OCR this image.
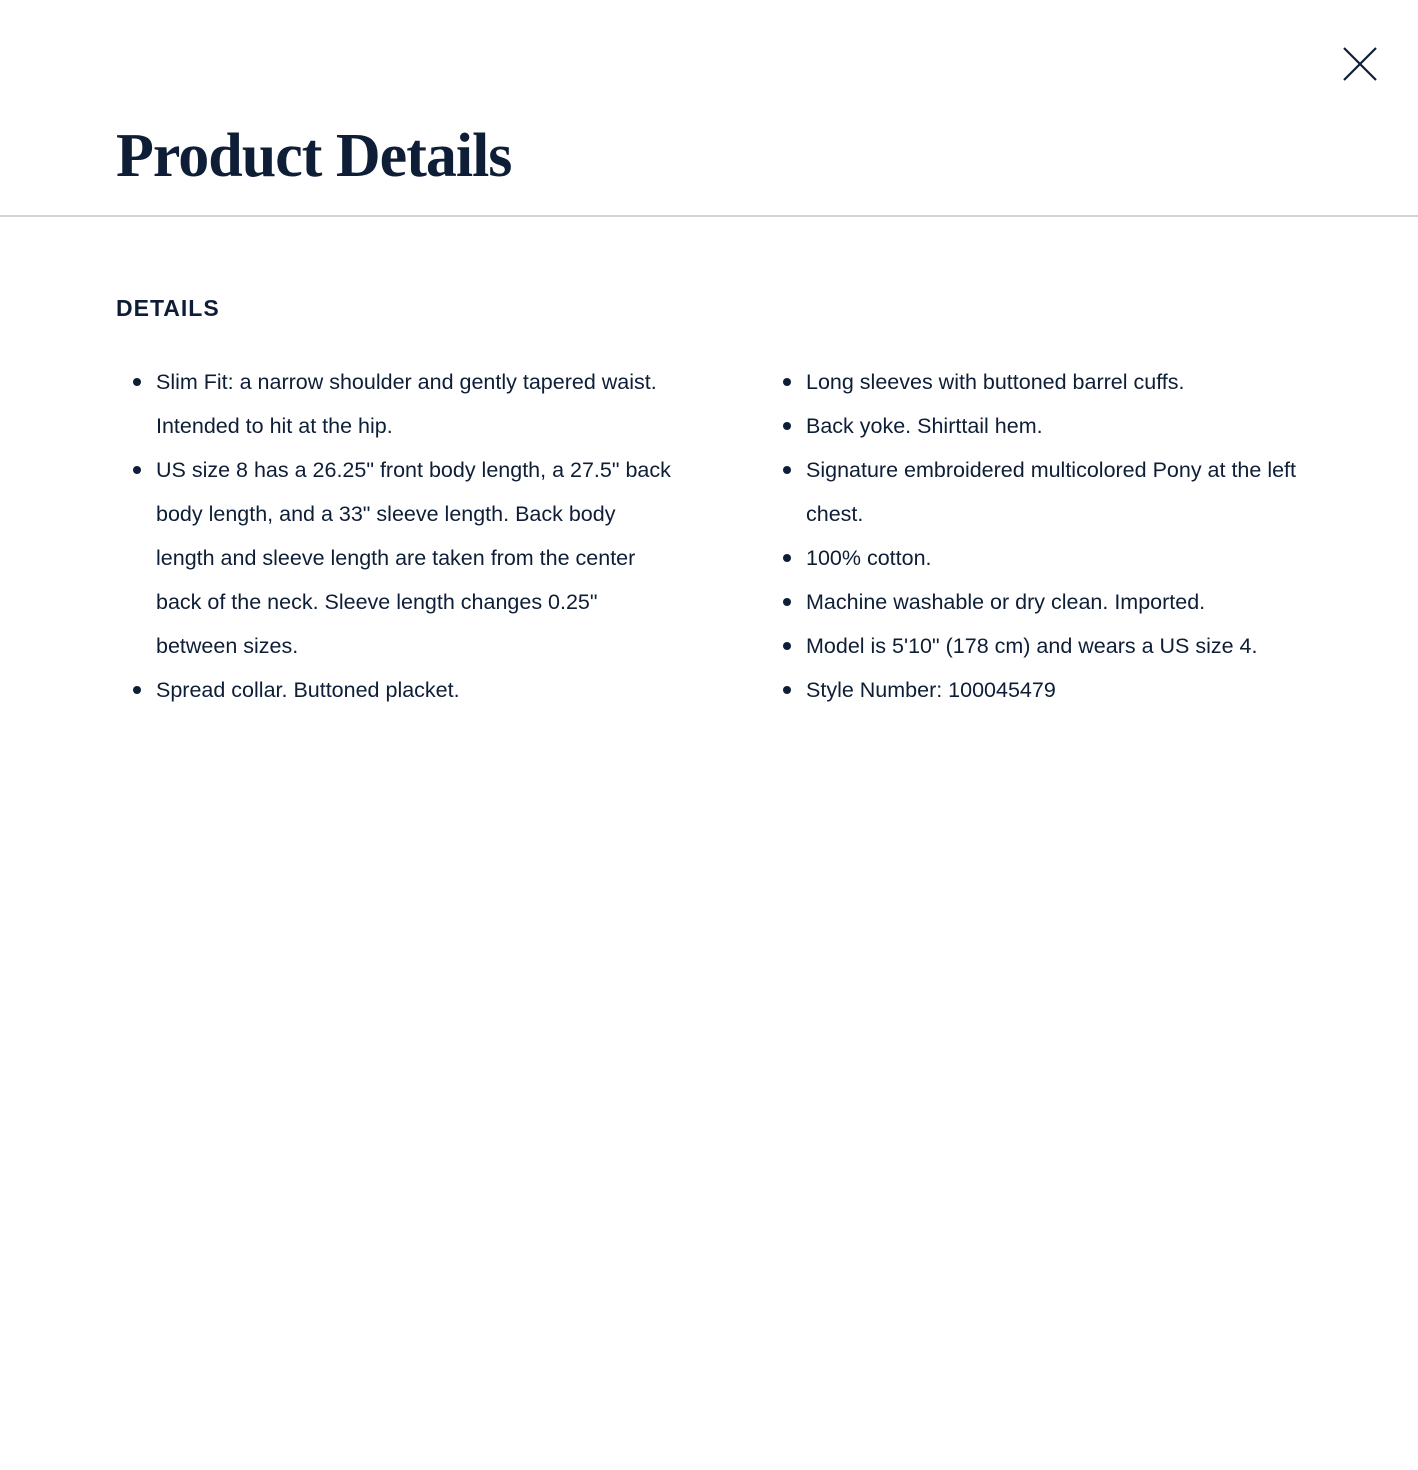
Product Details
DETAILS
Slim Fit: a narrow shoulder and gently tapered waist. Intended to hit at the hip.
US size 8 has a 26.25" front body length, a 27.5" back body length, and a 33" sleeve length. Back body length and sleeve length are taken from the center back of the neck. Sleeve length changes 0.25" between sizes.
Spread collar. Buttoned placket.
Long sleeves with buttoned barrel cuffs.
Back yoke. Shirttail hem.
Signature embroidered multicolored Pony at the left chest.
100% cotton.
Machine washable or dry clean. Imported.
Model is 5'10" (178 cm) and wears a US size 4.
Style Number: 100045479
